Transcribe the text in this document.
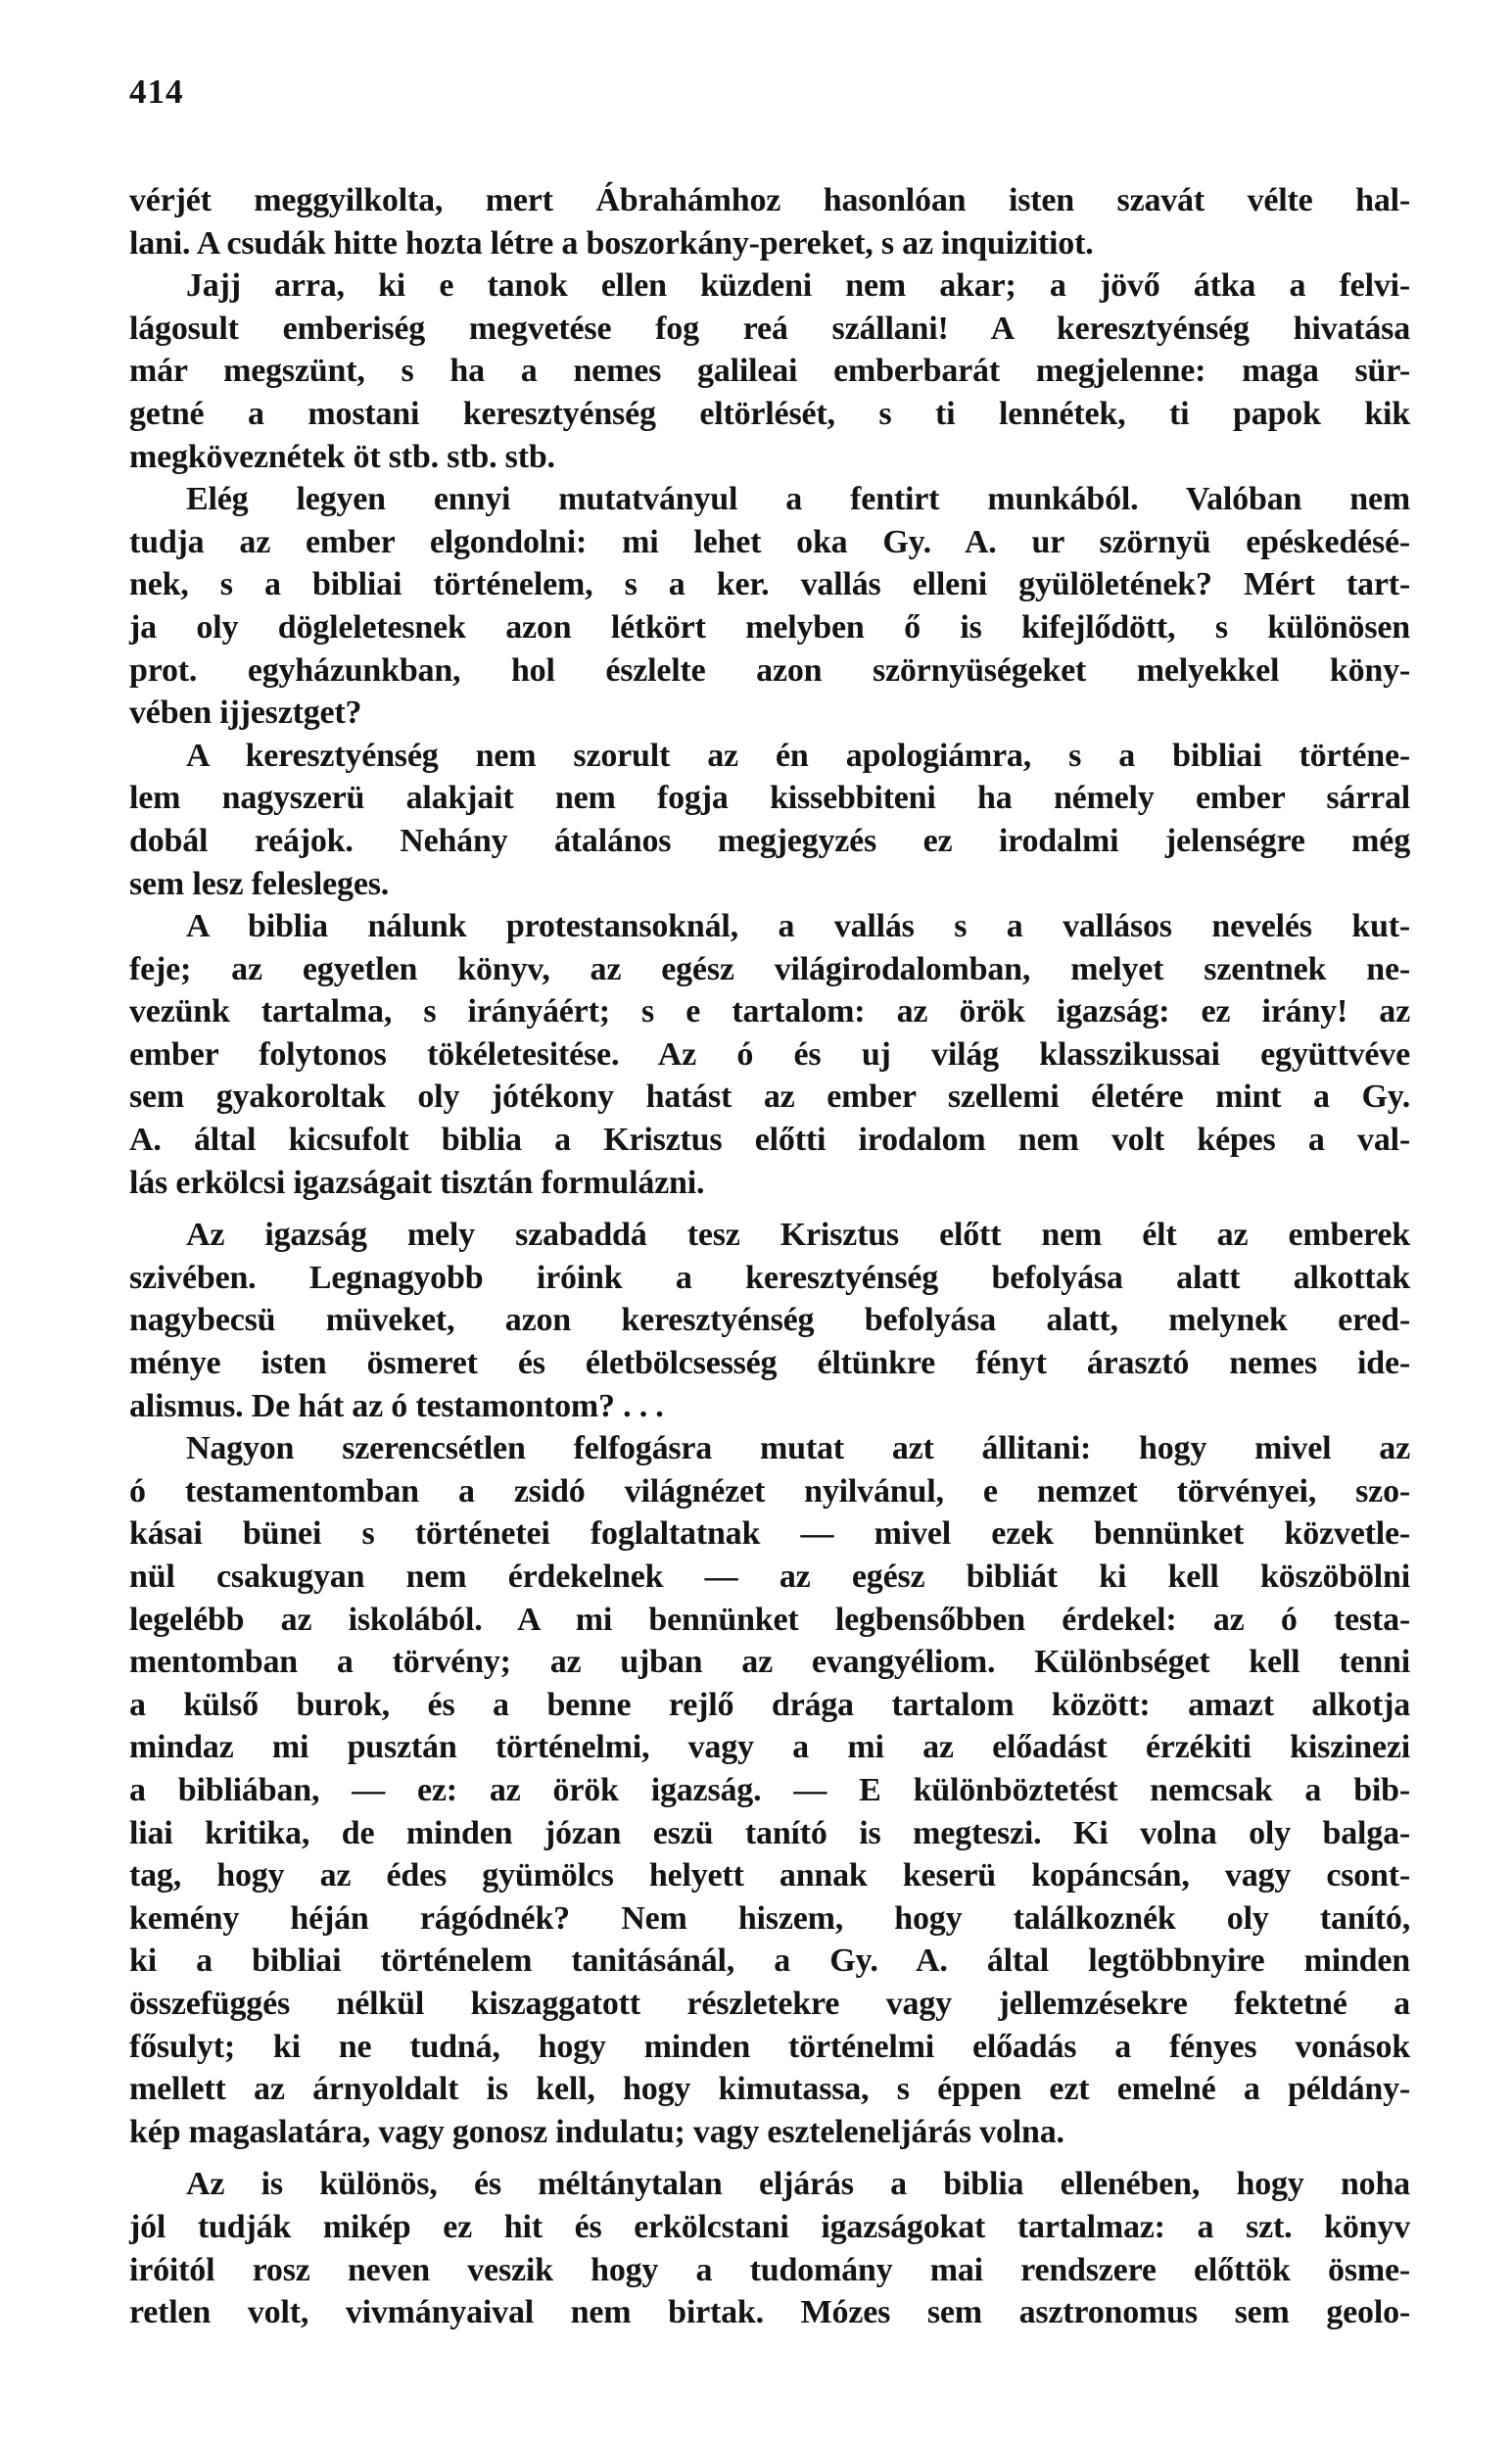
414
vérjét meggyilkolta, mert Ábrahámhoz hasonlóan isten szavát vélte hal-
lani. A csudák hitte hozta létre a boszorkány-pereket, s az inquizitiot.
Jajj arra, ki e tanok ellen küzdeni nem akar; a jövő átka a felvi-
lágosult emberiség megvetése fog reá szállani! A keresztyénség hivatása
már megszünt, s ha a nemes galileai emberbarát megjelenne: maga sür-
getné a mostani keresztyénség eltörlését, s ti lennétek, ti papok kik
megköveznétek öt stb. stb. stb.
Elég legyen ennyi mutatványul a fentirt munkából. Valóban nem
tudja az ember elgondolni: mi lehet oka Gy. A. ur szörnyü epéskedésé-
nek, s a bibliai történelem, s a ker. vallás elleni gyülöletének? Mért tart-
ja oly dögleletesnek azon létkört melyben ő is kifejlődött, s különösen
prot. egyházunkban, hol észlelte azon szörnyüségeket melyekkel köny-
vében ijjesztget?
A keresztyénség nem szorult az én apologiámra, s a bibliai történe-
lem nagyszerü alakjait nem fogja kissebbiteni ha némely ember sárral
dobál reájok. Nehány átalános megjegyzés ez irodalmi jelenségre még
sem lesz felesleges.
A biblia nálunk protestansoknál, a vallás s a vallásos nevelés kut-
feje; az egyetlen könyv, az egész világirodalomban, melyet szentnek ne-
vezünk tartalma, s irányáért; s e tartalom: az örök igazság: ez irány! az
ember folytonos tökéletesitése. Az ó és uj világ klasszikussai együttvéve
sem gyakoroltak oly jótékony hatást az ember szellemi életére mint a Gy.
A. által kicsufolt biblia a Krisztus előtti irodalom nem volt képes a val-
lás erkölcsi igazságait tisztán formulázni.
Az igazság mely szabaddá tesz Krisztus előtt nem élt az emberek
szivében. Legnagyobb iróink a keresztyénség befolyása alatt alkottak
nagybecsü müveket, azon keresztyénség befolyása alatt, melynek ered-
ménye isten ösmeret és életbölcsesség éltünkre fényt árasztó nemes ide-
alismus. De hát az ó testamontom? . . .
Nagyon szerencsétlen felfogásra mutat azt állitani: hogy mivel az
ó testamentomban a zsidó világnézet nyilvánul, e nemzet törvényei, szo-
kásai bünei s történetei foglaltatnak — mivel ezek bennünket közvetle-
nül csakugyan nem érdekelnek — az egész bibliát ki kell köszöbölni
legelébb az iskolából. A mi bennünket legbensőbben érdekel: az ó testa-
mentomban a törvény; az ujban az evangyéliom. Különbséget kell tenni
a külső burok, és a benne rejlő drága tartalom között: amazt alkotja
mindaz mi pusztán történelmi, vagy a mi az előadást érzékiti kiszinezi
a bibliában, — ez: az örök igazság. — E különböztetést nemcsak a bib-
liai kritika, de minden józan eszü tanító is megteszi. Ki volna oly balga-
tag, hogy az édes gyümölcs helyett annak keserü kopáncsán, vagy csont-
kemény héján rágódnék? Nem hiszem, hogy találkoznék oly tanító,
ki a bibliai történelem tanitásánál, a Gy. A. által legtöbbnyire minden
összefüggés nélkül kiszaggatott részletekre vagy jellemzésekre fektetné a
fősulyt; ki ne tudná, hogy minden történelmi előadás a fényes vonások
mellett az árnyoldalt is kell, hogy kimutassa, s éppen ezt emelné a példány-
kép magaslatára, vagy gonosz indulatu; vagy eszteleneljárás volna.
Az is különös, és méltánytalan eljárás a biblia ellenében, hogy noha
jól tudják mikép ez hit és erkölcstani igazságokat tartalmaz: a szt. könyv
iróitól rosz neven veszik hogy a tudomány mai rendszere előttök ösme-
retlen volt, vivmányaival nem birtak. Mózes sem asztronomus sem geolo-
